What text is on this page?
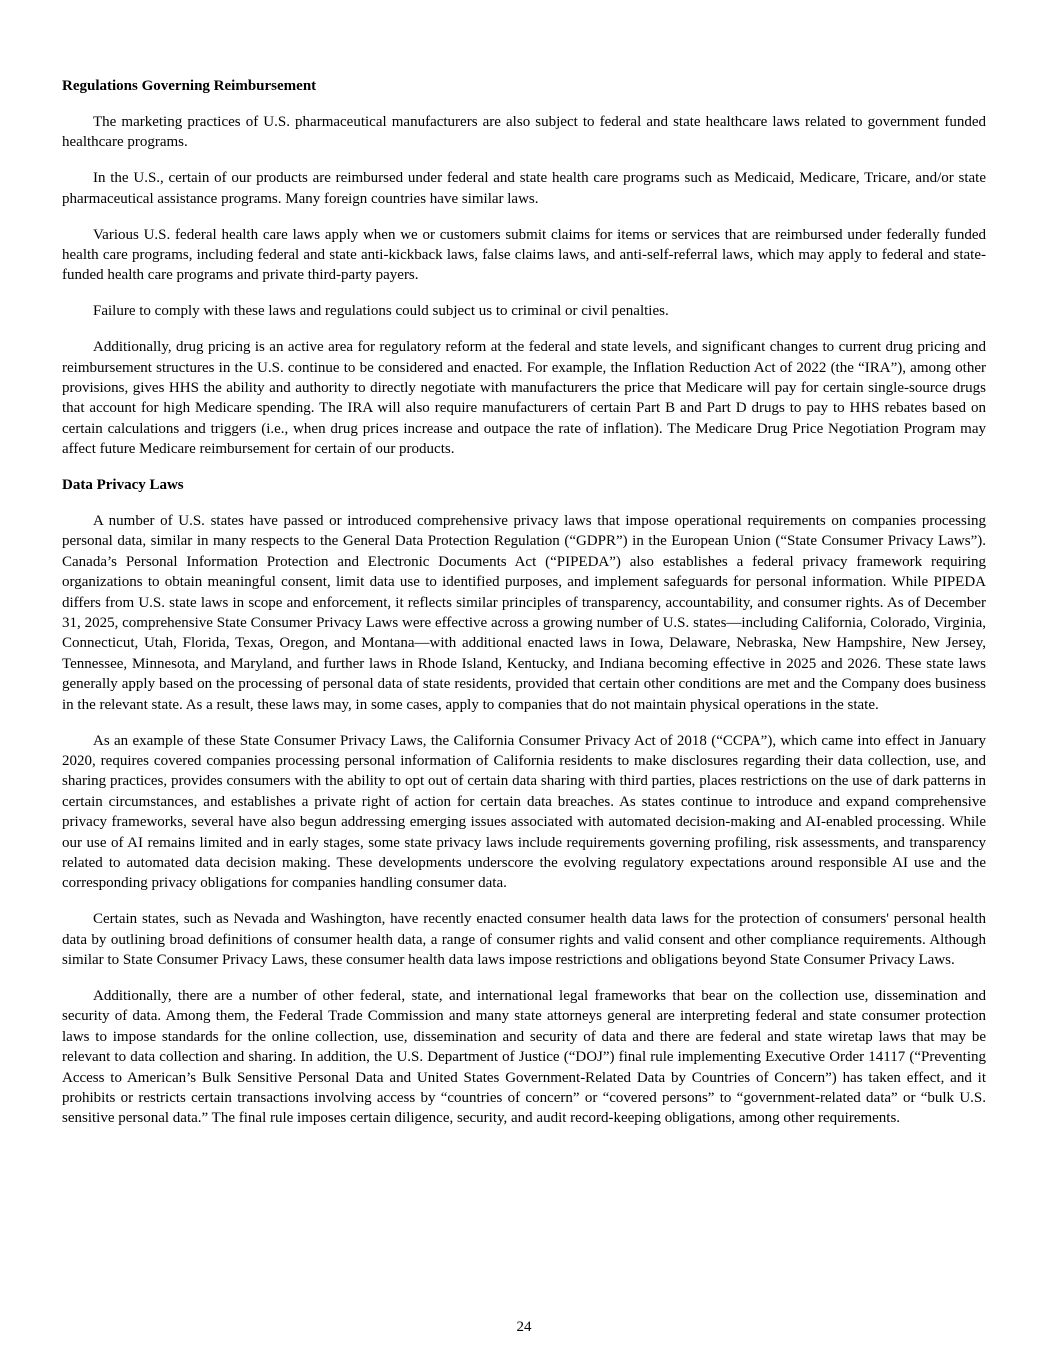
Regulations Governing Reimbursement

The marketing practices of U.S. pharmaceutical manufacturers are also subject to federal and state healthcare laws related to government funded healthcare programs.

In the U.S., certain of our products are reimbursed under federal and state health care programs such as Medicaid, Medicare, Tricare, and/or state pharmaceutical assistance programs. Many foreign countries have similar laws.

Various U.S. federal health care laws apply when we or customers submit claims for items or services that are reimbursed under federally funded health care programs, including federal and state anti-kickback laws, false claims laws, and anti-self-referral laws, which may apply to federal and state-funded health care programs and private third-party payers.

Failure to comply with these laws and regulations could subject us to criminal or civil penalties.

Additionally, drug pricing is an active area for regulatory reform at the federal and state levels, and significant changes to current drug pricing and reimbursement structures in the U.S. continue to be considered and enacted. For example, the Inflation Reduction Act of 2022 (the “IRA”), among other provisions, gives HHS the ability and authority to directly negotiate with manufacturers the price that Medicare will pay for certain single-source drugs that account for high Medicare spending. The IRA will also require manufacturers of certain Part B and Part D drugs to pay to HHS rebates based on certain calculations and triggers (i.e., when drug prices increase and outpace the rate of inflation). The Medicare Drug Price Negotiation Program may affect future Medicare reimbursement for certain of our products.

Data Privacy Laws

A number of U.S. states have passed or introduced comprehensive privacy laws that impose operational requirements on companies processing personal data, similar in many respects to the General Data Protection Regulation (“GDPR”) in the European Union (“State Consumer Privacy Laws”). Canada’s Personal Information Protection and Electronic Documents Act (“PIPEDA”) also establishes a federal privacy framework requiring organizations to obtain meaningful consent, limit data use to identified purposes, and implement safeguards for personal information. While PIPEDA differs from U.S. state laws in scope and enforcement, it reflects similar principles of transparency, accountability, and consumer rights. As of December 31, 2025, comprehensive State Consumer Privacy Laws were effective across a growing number of U.S. states—including California, Colorado, Virginia, Connecticut, Utah, Florida, Texas, Oregon, and Montana—with additional enacted laws in Iowa, Delaware, Nebraska, New Hampshire, New Jersey, Tennessee, Minnesota, and Maryland, and further laws in Rhode Island, Kentucky, and Indiana becoming effective in 2025 and 2026. These state laws generally apply based on the processing of personal data of state residents, provided that certain other conditions are met and the Company does business in the relevant state. As a result, these laws may, in some cases, apply to companies that do not maintain physical operations in the state.

As an example of these State Consumer Privacy Laws, the California Consumer Privacy Act of 2018 (“CCPA”), which came into effect in January 2020, requires covered companies processing personal information of California residents to make disclosures regarding their data collection, use, and sharing practices, provides consumers with the ability to opt out of certain data sharing with third parties, places restrictions on the use of dark patterns in certain circumstances, and establishes a private right of action for certain data breaches. As states continue to introduce and expand comprehensive privacy frameworks, several have also begun addressing emerging issues associated with automated decision-making and AI-enabled processing. While our use of AI remains limited and in early stages, some state privacy laws include requirements governing profiling, risk assessments, and transparency related to automated data decision making. These developments underscore the evolving regulatory expectations around responsible AI use and the corresponding privacy obligations for companies handling consumer data.

Certain states, such as Nevada and Washington, have recently enacted consumer health data laws for the protection of consumers' personal health data by outlining broad definitions of consumer health data, a range of consumer rights and valid consent and other compliance requirements. Although similar to State Consumer Privacy Laws, these consumer health data laws impose restrictions and obligations beyond State Consumer Privacy Laws.

Additionally, there are a number of other federal, state, and international legal frameworks that bear on the collection use, dissemination and security of data. Among them, the Federal Trade Commission and many state attorneys general are interpreting federal and state consumer protection laws to impose standards for the online collection, use, dissemination and security of data and there are federal and state wiretap laws that may be relevant to data collection and sharing. In addition, the U.S. Department of Justice (“DOJ”) final rule implementing Executive Order 14117 (“Preventing Access to American’s Bulk Sensitive Personal Data and United States Government-Related Data by Countries of Concern”) has taken effect, and it prohibits or restricts certain transactions involving access by “countries of concern” or “covered persons” to “government-related data” or “bulk U.S. sensitive personal data.” The final rule imposes certain diligence, security, and audit record-keeping obligations, among other requirements.

24
